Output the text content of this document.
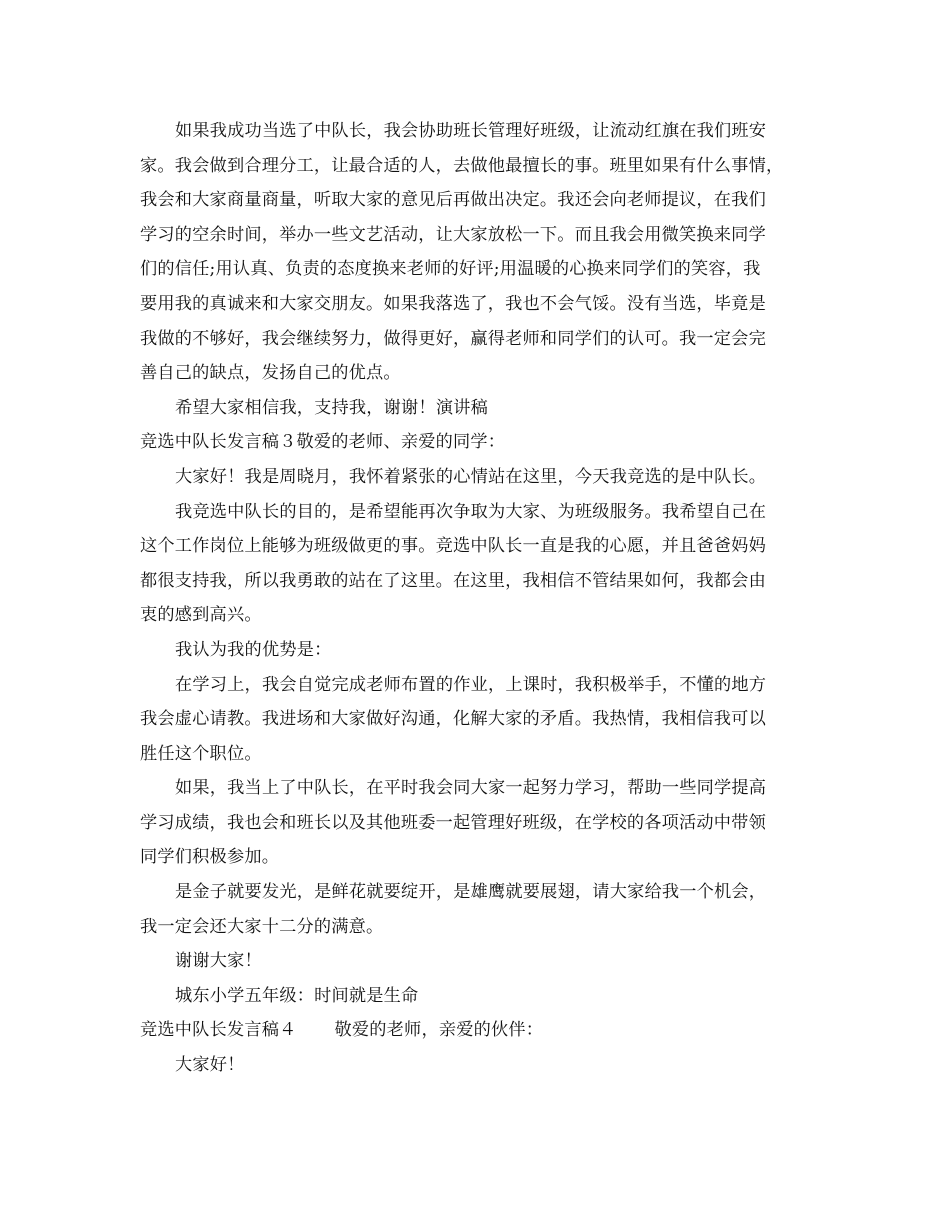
如果我成功当选了中队长，我会协助班长管理好班级，让流动红旗在我们班安
家。我会做到合理分工，让最合适的人，去做他最擅长的事。班里如果有什么事情，
我会和大家商量商量，听取大家的意见后再做出决定。我还会向老师提议，在我们
学习的空余时间，举办一些文艺活动，让大家放松一下。而且我会用微笑换来同学
们的信任;用认真、负责的态度换来老师的好评;用温暖的心换来同学们的笑容，我
要用我的真诚来和大家交朋友。如果我落选了，我也不会气馁。没有当选，毕竟是
我做的不够好，我会继续努力，做得更好，赢得老师和同学们的认可。我一定会完
善自己的缺点，发扬自己的优点。
希望大家相信我，支持我，谢谢！演讲稿
竞选中队长发言稿３敬爱的老师、亲爱的同学：
大家好！我是周晓月，我怀着紧张的心情站在这里，今天我竞选的是中队长。
我竞选中队长的目的，是希望能再次争取为大家、为班级服务。我希望自己在
这个工作岗位上能够为班级做更的事。竞选中队长一直是我的心愿，并且爸爸妈妈
都很支持我，所以我勇敢的站在了这里。在这里，我相信不管结果如何，我都会由
衷的感到高兴。
我认为我的优势是：
在学习上，我会自觉完成老师布置的作业，上课时，我积极举手，不懂的地方
我会虚心请教。我进场和大家做好沟通，化解大家的矛盾。我热情，我相信我可以
胜任这个职位。
如果，我当上了中队长，在平时我会同大家一起努力学习，帮助一些同学提高
学习成绩，我也会和班长以及其他班委一起管理好班级，在学校的各项活动中带领
同学们积极参加。
是金子就要发光，是鲜花就要绽开，是雄鹰就要展翅，请大家给我一个机会，
我一定会还大家十二分的满意。
谢谢大家！
城东小学五年级：时间就是生命
竞选中队长发言稿４ 敬爱的老师，亲爱的伙伴：
大家好！
